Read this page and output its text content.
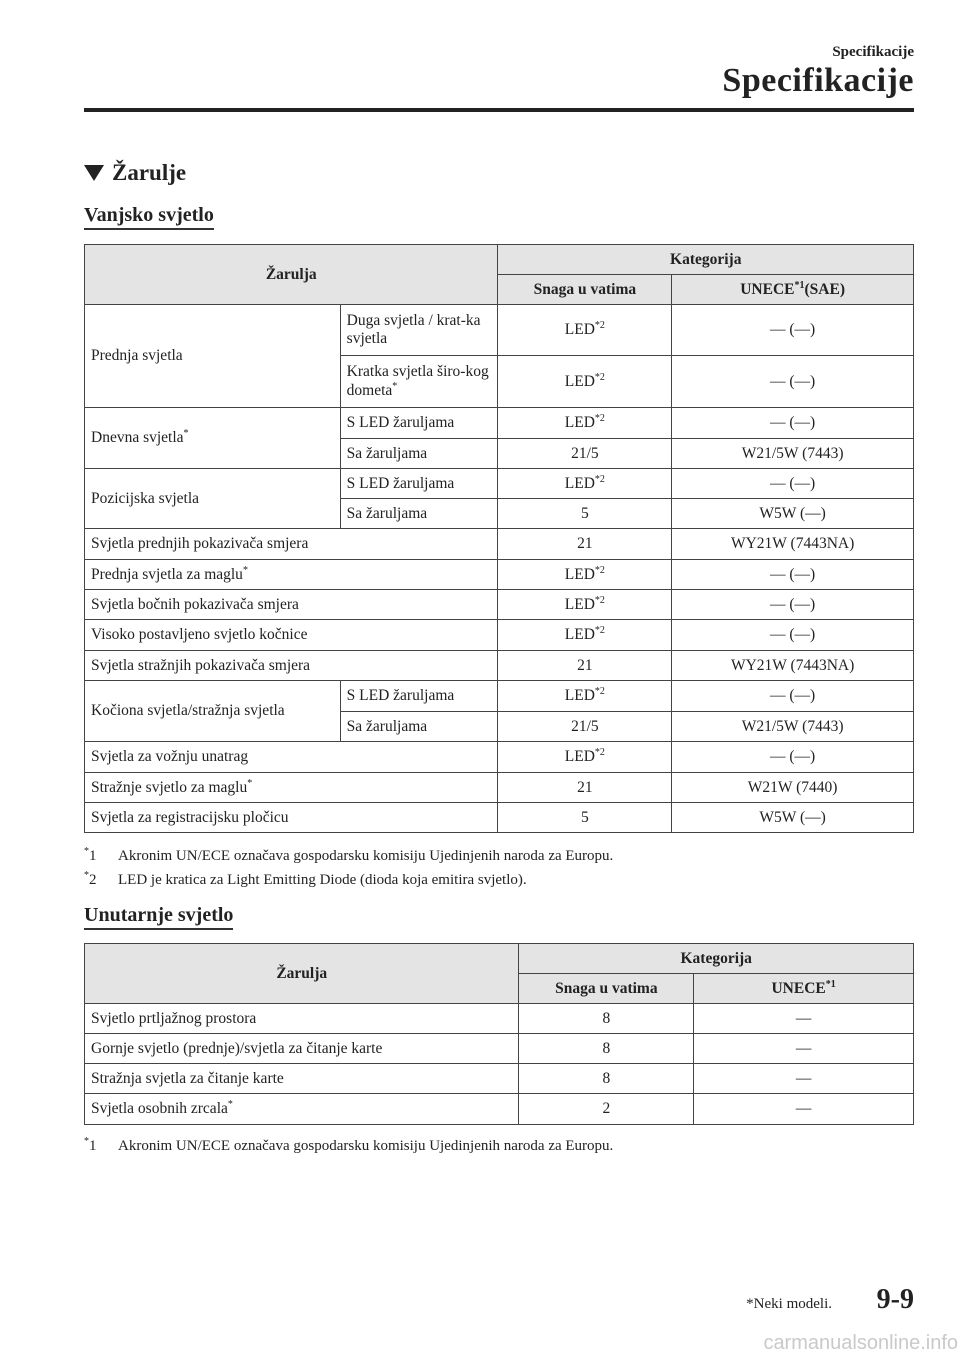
Specifikacije
Specifikacije
Žarulje
Vanjsko svjetlo
Žarulja		Kategorija	
		Snaga u vatima	UNECE$^{*1}$(SAE)
Prednja svjetla	Duga svjetla / krat-ka svjetla	LED$^{*2}$	— (—)
	Kratka svjetla širo-kog dometa*	LED$^{*2}$	— (—)
Dnevna svjetla*	S LED žaruljama	LED$^{*2}$	— (—)
	Sa žaruljama	21/5	W21/5W (7443)
Pozicijska svjetla	S LED žaruljama	LED$^{*2}$	— (—)
	Sa žaruljama	5	W5W (—)
Svjetla prednjih pokazivača smjera		21	WY21W (7443NA)
Prednja svjetla za maglu*		LED$^{*2}$	— (—)
Svjetla bočnih pokazivača smjera		LED$^{*2}$	— (—)
Visoko postavljeno svjetlo kočnice		LED$^{*2}$	— (—)
Svjetla stražnjih pokazivača smjera		21	WY21W (7443NA)
Kočiona svjetla/stražnja svjetla	S LED žaruljama	LED$^{*2}$	— (—)
	Sa žaruljama	21/5	W21/5W (7443)
Svjetla za vožnju unatrag		LED$^{*2}$	— (—)
Stražnje svjetlo za maglu*		21	W21W (7440)
Svjetla za registracijsku pločicu		5	W5W (—)
*1 Akronim UN/ECE označava gospodarsku komisiju Ujedinjenih naroda za Europu.
*2 LED je kratica za Light Emitting Diode (dioda koja emitira svjetlo).
Unutarnje svjetlo
Žarulja	Kategorija	
	Snaga u vatima	UNECE$^{*1}$
Svjetlo prtljažnog prostora	8	—
Gornje svjetlo (prednje)/svjetla za čitanje karte	8	—
Stražnja svjetla za čitanje karte	8	—
Svjetla osobnih zrcala*	2	—
*1 Akronim UN/ECE označava gospodarsku komisiju Ujedinjenih naroda za Europu.
*Neki modeli. 9-9
carmanualsonline.info
